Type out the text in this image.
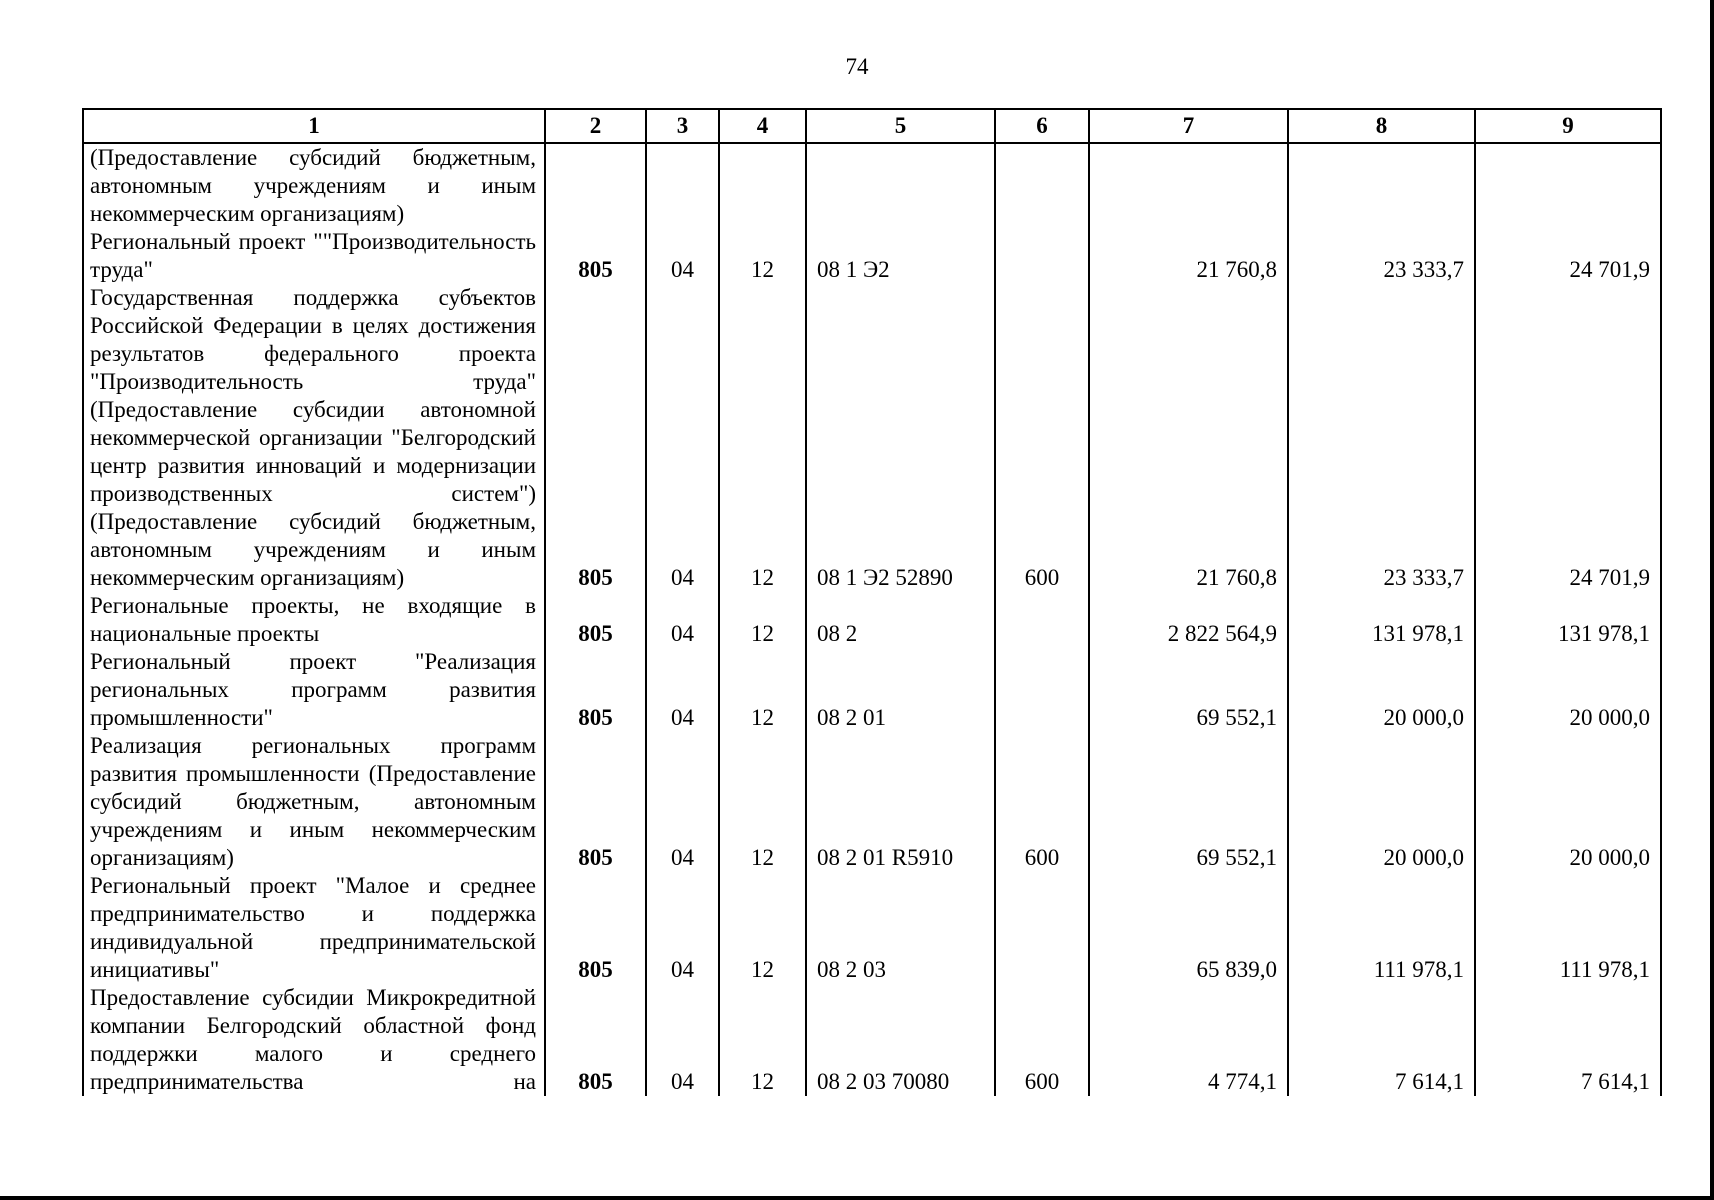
74
1	2	3	4	5	6	7	8	9

(Предоставление субсидий бюджетным, автономным учреждениям и иным некоммерческим организациям)								

Региональный проект ""Производительность труда"	805	04	12	08 1 Э2		21 760,8	23 333,7	24 701,9

Государственная поддержка субъектов Российской Федерации в целях достижения результатов федерального проекта "Производительность труда" (Предоставление субсидии автономной некоммерческой организации "Белгородский центр развития инноваций и модернизации производственных систем") (Предоставление субсидий бюджетным, автономным учреждениям и иным некоммерческим организациям)	805	04	12	08 1 Э2 52890	600	21 760,8	23 333,7	24 701,9

Региональные проекты, не входящие в национальные проекты	805	04	12	08 2		2 822 564,9	131 978,1	131 978,1

Региональный проект "Реализация региональных программ развития промышленности"	805	04	12	08 2 01		69 552,1	20 000,0	20 000,0

Реализация региональных программ развития промышленности (Предоставление субсидий бюджетным, автономным учреждениям и иным некоммерческим организациям)	805	04	12	08 2 01 R5910	600	69 552,1	20 000,0	20 000,0

Региональный проект "Малое и среднее предпринимательство и поддержка индивидуальной предпринимательской инициативы"	805	04	12	08 2 03		65 839,0	111 978,1	111 978,1

Предоставление субсидии Микрокредитной компании Белгородский областной фонд поддержки малого и среднего предпринимательства на	805	04	12	08 2 03 70080	600	4 774,1	7 614,1	7 614,1
